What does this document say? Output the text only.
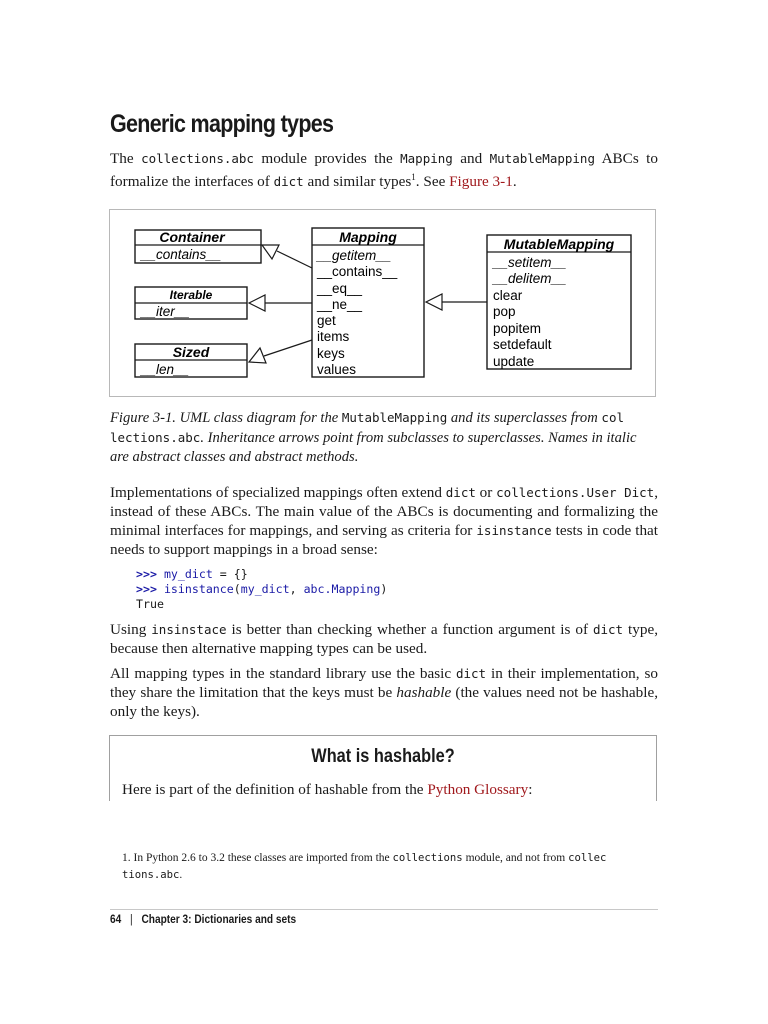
Generic mapping types

The collections.abc module provides the Mapping and MutableMapping ABCs to formalize the interfaces of dict and similar types$^1$. See Figure 3-1.

Container
__contains__
Iterable
__iter__
Sized
__len__
Mapping
__getitem__
__contains__
__eq__
__ne__
get
items
keys
values
MutableMapping
__setitem__
__delitem__
clear
pop
popitem
setdefault
update

Figure 3-1. UML class diagram for the MutableMapping and its superclasses from col lections.abc. Inheritance arrows point from subclasses to superclasses. Names in italic are abstract classes and abstract methods.

Implementations of specialized mappings often extend dict or collections.User Dict, instead of these ABCs. The main value of the ABCs is documenting and formalizing the minimal interfaces for mappings, and serving as criteria for isinstance tests in code that needs to support mappings in a broad sense:

>>> my_dict = {}
>>> isinstance(my_dict, abc.Mapping)
True

Using insinstace is better than checking whether a function argument is of dict type, because then alternative mapping types can be used.

All mapping types in the standard library use the basic dict in their implementation, so they share the limitation that the keys must be hashable (the values need not be hashable, only the keys).

What is hashable?
Here is part of the definition of hashable from the Python Glossary:

1. In Python 2.6 to 3.2 these classes are imported from the collections module, and not from collec tions.abc.

64 | Chapter 3: Dictionaries and sets
